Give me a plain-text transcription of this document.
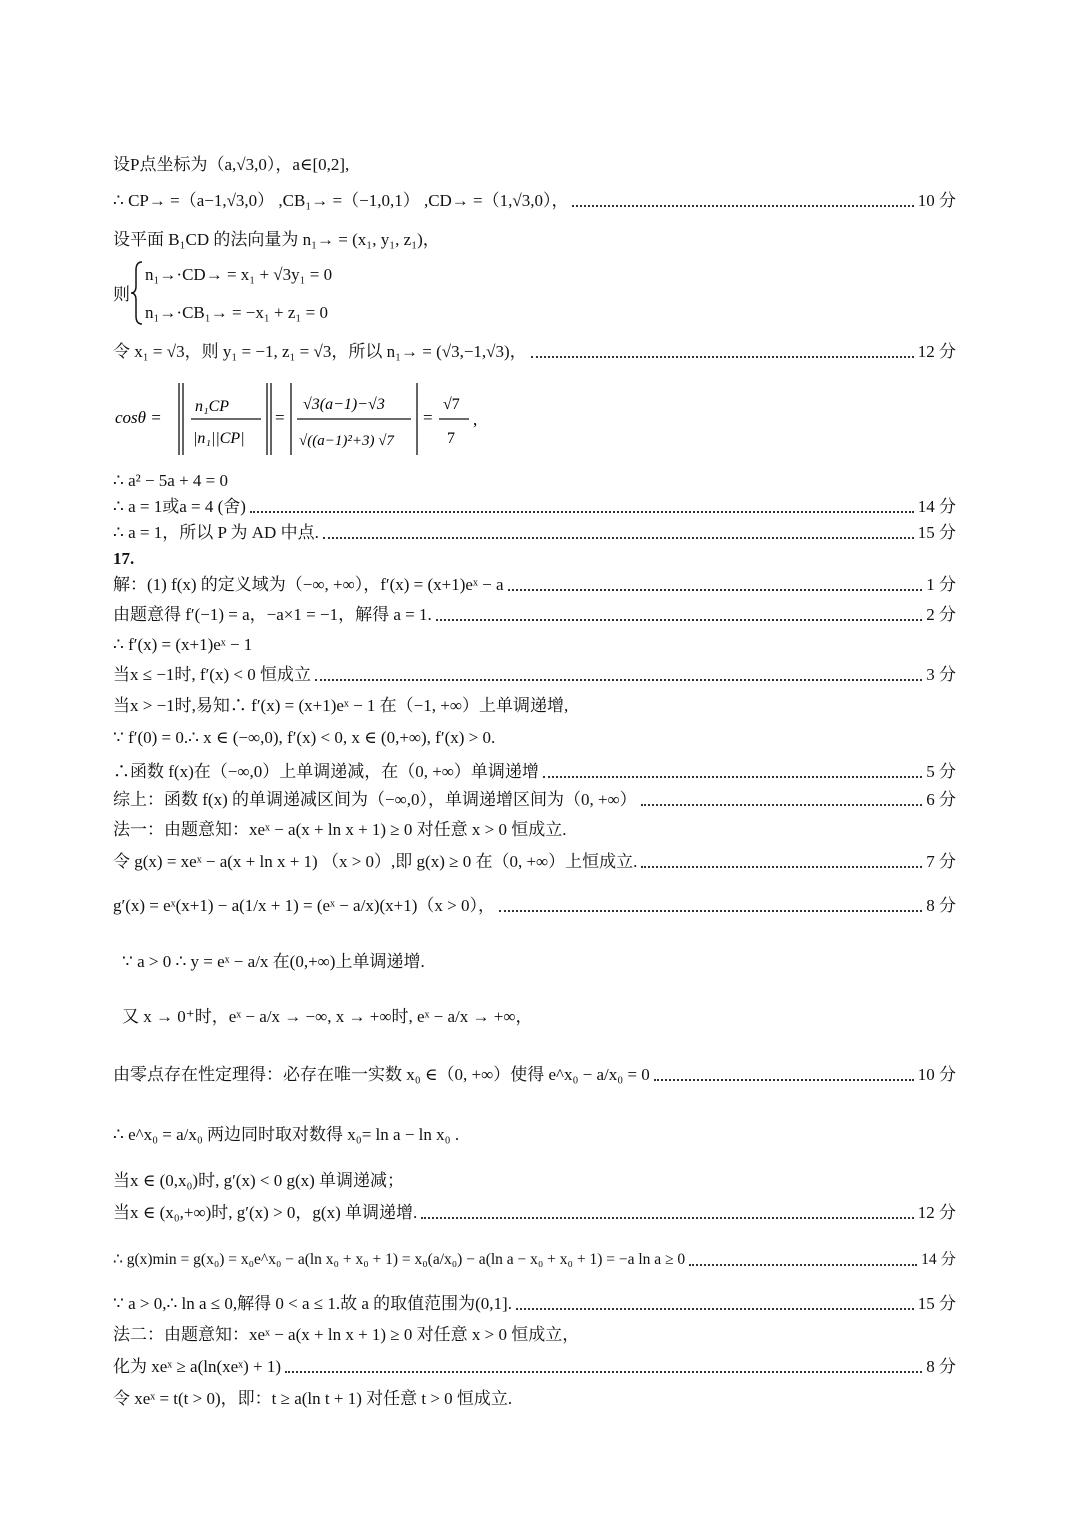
设P点坐标为（a,√3,0），a∈[0,2],
∴ CP→ =（a−1,√3,0） ,CB₁→ =（−1,0,1） ,CD→ =（1,√3,0），	10 分
设平面 B₁CD 的法向量为 n₁→ = (x₁, y₁, z₁)，
则
n₁→·CD→ = x₁ + √3y₁ = 0
n₁→·CB₁→ = −x₁ + z₁ = 0
令 x₁ = √3，则 y₁ = −1, z₁ = √3，所以 n₁→ = (√3,−1,√3)，	12 分
cosθ =
n₁CP
|n₁||CP|
=
√3(a−1)−√3
√((a−1)²+3) √7
=
√7
7
,
∴ a² − 5a + 4 = 0
∴ a = 1或a = 4 (舍)	14 分
∴ a = 1，所以 P 为 AD 中点.	15 分
17.
解：(1) f(x) 的定义域为（−∞, +∞），f′(x) = (x+1)eˣ − a	1 分
由题意得 f′(−1) = a，−a×1 = −1，解得 a = 1.	2 分
∴ f′(x) = (x+1)eˣ − 1
当x ≤ −1时, f′(x) < 0 恒成立	3 分
当x > −1时,易知∴ f′(x) = (x+1)eˣ − 1 在（−1, +∞）上单调递增,
∵ f′(0) = 0.∴ x ∈ (−∞,0), f′(x) < 0, x ∈ (0,+∞), f′(x) > 0.
∴函数 f(x)在（−∞,0）上单调递减，在（0, +∞）单调递增	5 分
综上：函数 f(x) 的单调递减区间为（−∞,0），单调递增区间为（0, +∞）	6 分
法一：由题意知：xeˣ − a(x + ln x + 1) ≥ 0 对任意 x > 0 恒成立.
令 g(x) = xeˣ − a(x + ln x + 1) （x > 0）,即 g(x) ≥ 0 在（0, +∞）上恒成立.	7 分
g′(x) = eˣ(x+1) − a(1/x + 1) = (eˣ − a/x)(x+1)（x > 0），	8 分
∵ a > 0 ∴ y = eˣ − a/x 在(0,+∞)上单调递增.
又 x → 0⁺时，eˣ − a/x → −∞, x → +∞时, eˣ − a/x → +∞，
由零点存在性定理得：必存在唯一实数 x₀ ∈（0, +∞）使得 e^x₀ − a/x₀ = 0	10 分
∴ e^x₀ = a/x₀ 两边同时取对数得 x₀= ln a − ln x₀ .
当x ∈ (0,x₀)时, g′(x) < 0 g(x) 单调递减；
当x ∈ (x₀,+∞)时, g′(x) > 0，g(x) 单调递增.	12 分
∴ g(x)min = g(x₀) = x₀e^x₀ − a(ln x₀ + x₀ + 1) = x₀(a/x₀) − a(ln a − x₀ + x₀ + 1) = −a ln a ≥ 0	14 分
∵ a > 0,∴ ln a ≤ 0,解得 0 < a ≤ 1.故 a 的取值范围为(0,1].	15 分
法二：由题意知：xeˣ − a(x + ln x + 1) ≥ 0 对任意 x > 0 恒成立，
化为 xeˣ ≥ a(ln(xeˣ) + 1)	8 分
令 xeˣ = t(t > 0)，即：t ≥ a(ln t + 1) 对任意 t > 0 恒成立.
